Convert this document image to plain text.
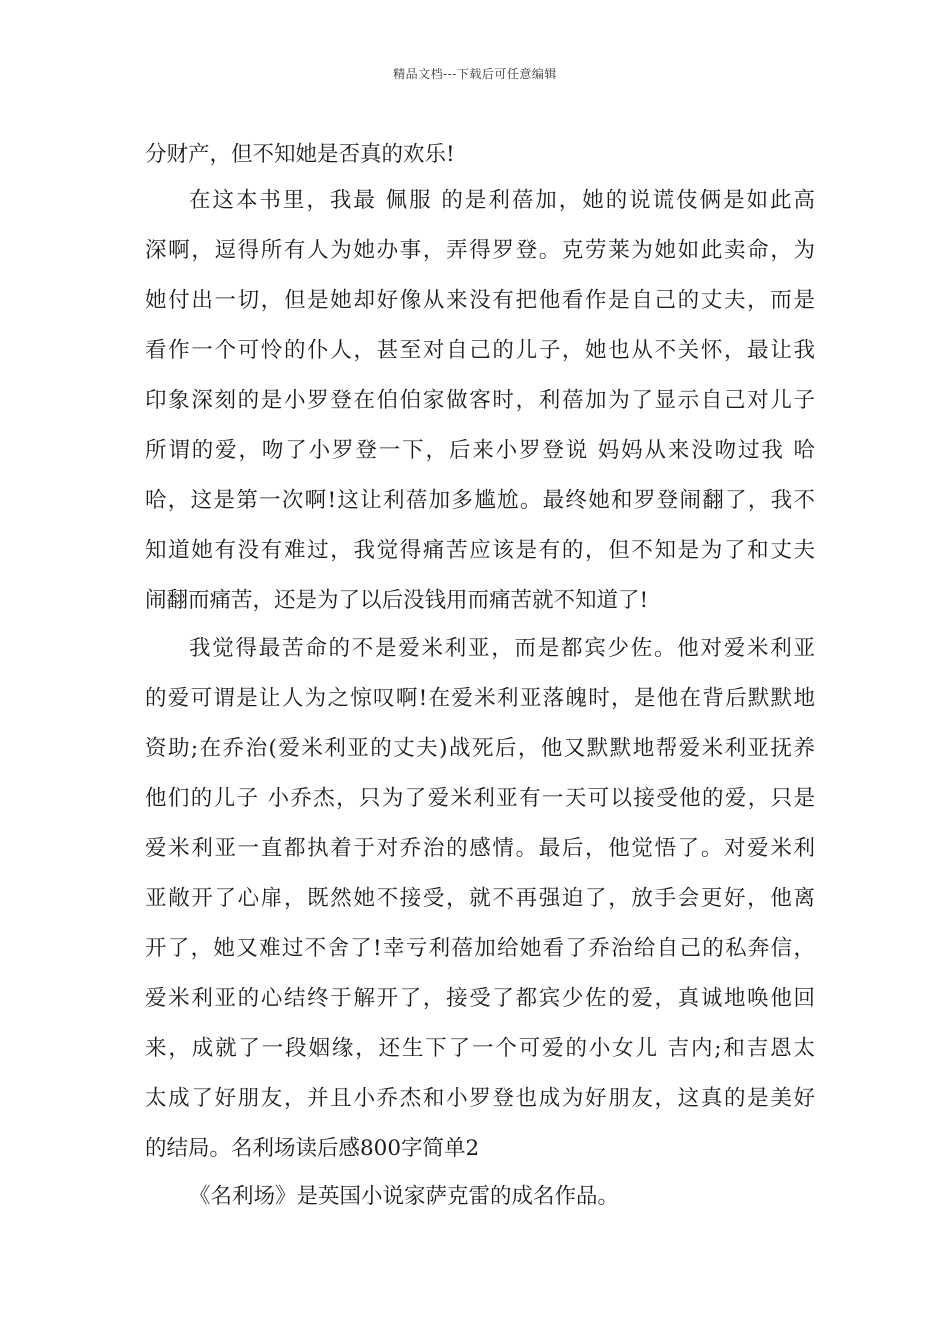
精品文档---下载后可任意编辑
分财产，但不知她是否真的欢乐!
在这本书里，我最 佩服 的是利蓓加，她的说谎伎俩是如此高
深啊，逗得所有人为她办事，弄得罗登。克劳莱为她如此卖命，为
她付出一切，但是她却好像从来没有把他看作是自己的丈夫，而是
看作一个可怜的仆人，甚至对自己的儿子，她也从不关怀，最让我
印象深刻的是小罗登在伯伯家做客时，利蓓加为了显示自己对儿子
所谓的爱，吻了小罗登一下，后来小罗登说 妈妈从来没吻过我 哈
哈，这是第一次啊!这让利蓓加多尴尬。最终她和罗登闹翻了，我不
知道她有没有难过，我觉得痛苦应该是有的，但不知是为了和丈夫
闹翻而痛苦，还是为了以后没钱用而痛苦就不知道了!
我觉得最苦命的不是爱米利亚，而是都宾少佐。他对爱米利亚
的爱可谓是让人为之惊叹啊!在爱米利亚落魄时，是他在背后默默地
资助;在乔治(爱米利亚的丈夫)战死后，他又默默地帮爱米利亚抚养
他们的儿子 小乔杰，只为了爱米利亚有一天可以接受他的爱，只是
爱米利亚一直都执着于对乔治的感情。最后，他觉悟了。对爱米利
亚敞开了心扉，既然她不接受，就不再强迫了，放手会更好，他离
开了，她又难过不舍了!幸亏利蓓加给她看了乔治给自己的私奔信，
爱米利亚的心结终于解开了，接受了都宾少佐的爱，真诚地唤他回
来，成就了一段姻缘，还生下了一个可爱的小女儿 吉内;和吉恩太
太成了好朋友，并且小乔杰和小罗登也成为好朋友，这真的是美好
的结局。名利场读后感800字简单2
《名利场》是英国小说家萨克雷的成名作品。
